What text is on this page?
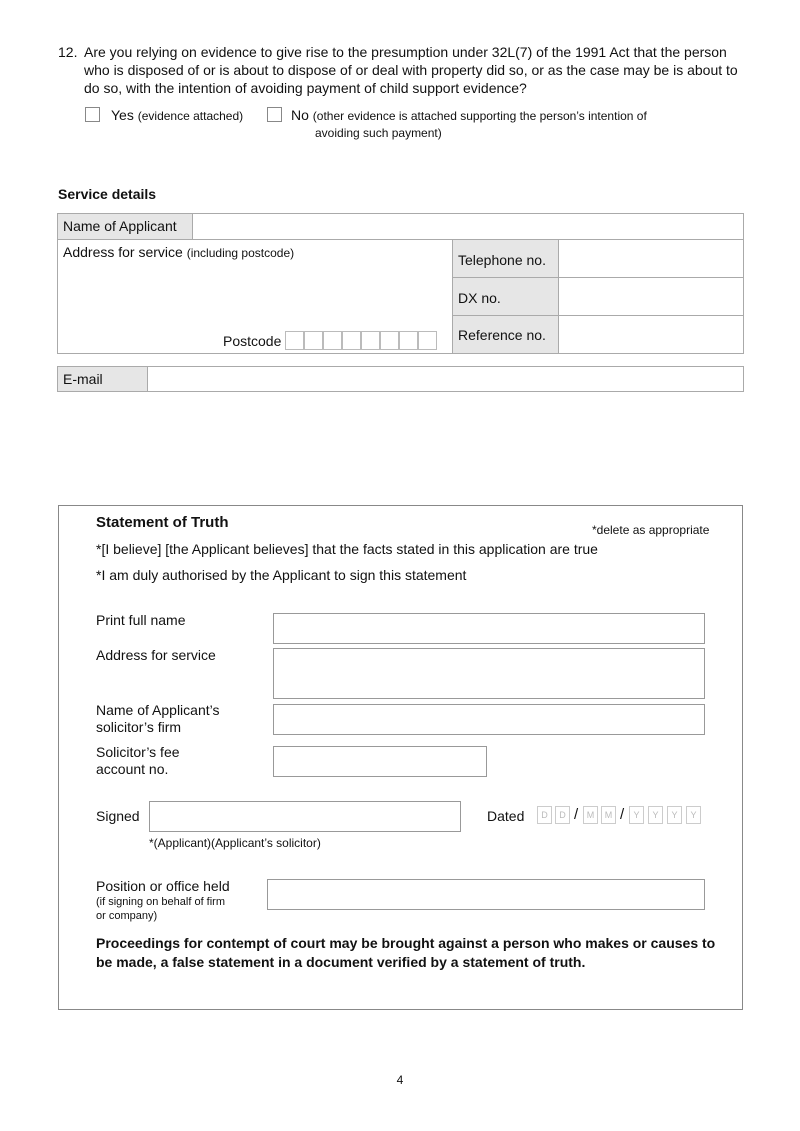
12. Are you relying on evidence to give rise to the presumption under 32L(7) of the 1991 Act that the person who is disposed of or is about to dispose of or deal with property did so, or as the case may be is about to do so, with the intention of avoiding payment of child support evidence?
Yes (evidence attached)	No (other evidence is attached supporting the person’s intention of
avoiding such payment)
Service details
Name of Applicant
Address for service (including postcode)
Postcode
Telephone no.
DX no.
Reference no.
E-mail
Statement of Truth	*delete as appropriate
*[I believe] [the Applicant believes] that the facts stated in this application are true
*I am duly authorised by the Applicant to sign this statement
Print full name
Address for service
Name of Applicant’s
solicitor’s firm
Solicitor’s fee
account no.
Signed
*(Applicant)(Applicant’s solicitor)
Dated	D	D / M	M /	Y	Y	Y	Y
Position or office held
(if signing on behalf of firm
or company)
Proceedings for contempt of court may be brought against a person who makes or causes to be made, a false statement in a document verified by a statement of truth.
4
